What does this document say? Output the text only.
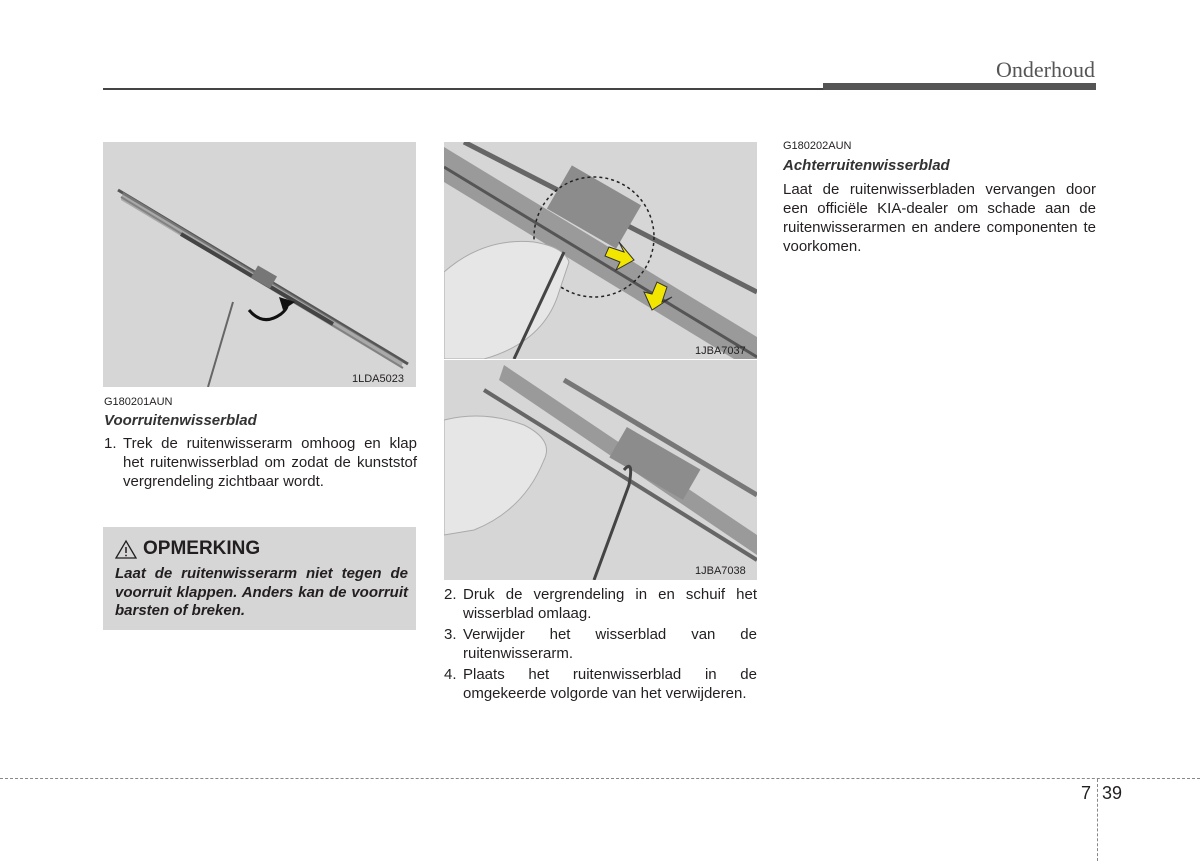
Onderhoud
1LDA5023
1JBA7037
1JBA7038
G180201AUN
Voorruitenwisserblad
1. Trek de ruitenwisserarm omhoog en klap het ruitenwisserblad om zodat de kunststof vergrendeling zichtbaar wordt.
OPMERKING
Laat de ruitenwisserarm niet tegen de voorruit klappen. Anders kan de voorruit barsten of breken.
2. Druk de vergrendeling in en schuif het wisserblad omlaag.
3. Verwijder het wisserblad van de ruitenwisserarm.
4. Plaats het ruitenwisserblad in de omgekeerde volgorde van het verwijderen.
G180202AUN
Achterruitenwisserblad
Laat de ruitenwisserbladen vervangen door een officiële KIA-dealer om schade aan de ruitenwisserarmen en andere componenten te voorkomen.
7 39
